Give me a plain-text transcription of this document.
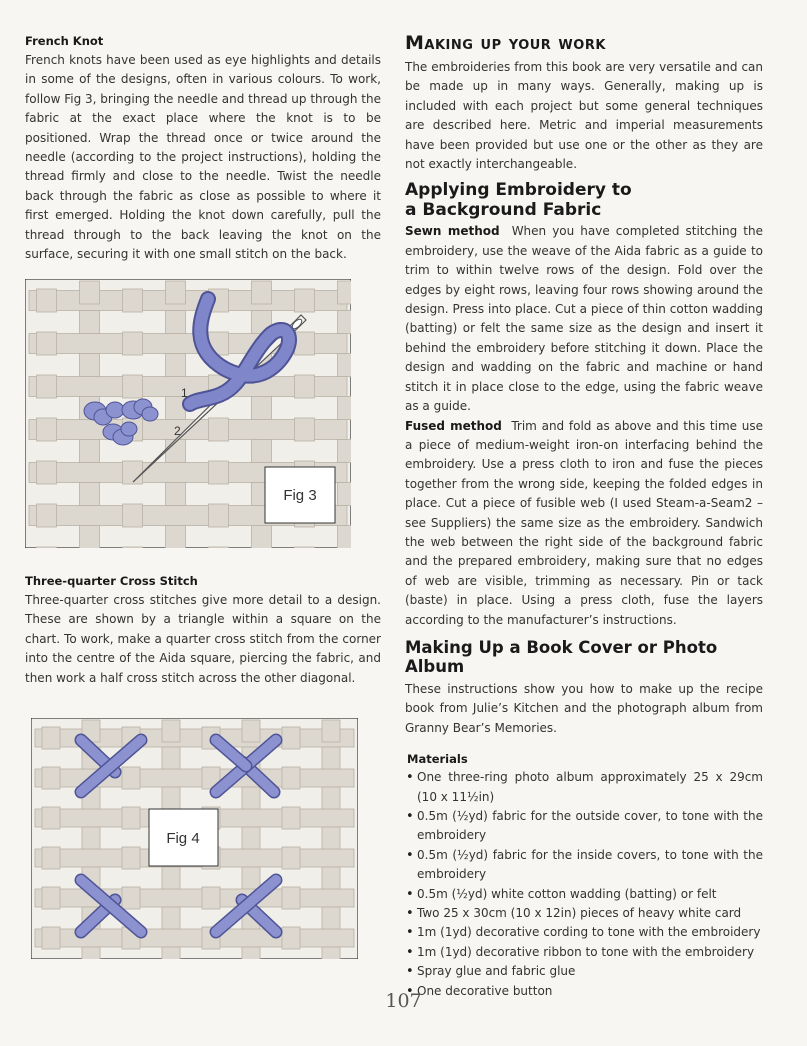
French Knot

French knots have been used as eye highlights and details in some of the designs, often in various colours. To work, follow Fig 3, bringing the needle and thread up through the fabric at the exact place where the knot is to be positioned. Wrap the thread once or twice around the needle (according to the project instructions), holding the thread firmly and close to the needle. Twist the needle back through the fabric as close as possible to where it first emerged. Holding the knot down carefully, pull the thread through to the back leaving the knot on the surface, securing it with one small stitch on the back.

1
2
Fig 3
Three-quarter Cross Stitch

Three-quarter cross stitches give more detail to a design. These are shown by a triangle within a square on the chart. To work, make a quarter cross stitch from the corner into the centre of the Aida square, piercing the fabric, and then work a half cross stitch across the other diagonal.

Fig 4
Making up your work

The embroideries from this book are very versatile and can be made up in many ways. Generally, making up is included with each project but some general techniques are described here. Metric and imperial measurements have been provided but use one or the other as they are not exactly interchangeable.

Applying Embroidery to a Background Fabric

Sewn method When you have completed stitching the embroidery, use the weave of the Aida fabric as a guide to trim to within twelve rows of the design. Fold over the edges by eight rows, leaving four rows showing around the design. Press into place. Cut a piece of thin cotton wadding (batting) or felt the same size as the design and insert it behind the embroidery before stitching it down. Place the design and wadding on the fabric and machine or hand stitch it in place close to the edge, using the fabric weave as a guide.

Fused method Trim and fold as above and this time use a piece of medium-weight iron-on interfacing behind the embroidery. Use a press cloth to iron and fuse the pieces together from the wrong side, keeping the folded edges in place. Cut a piece of fusible web (I used Steam-a-Seam2 – see Suppliers) the same size as the embroidery. Sandwich the web between the right side of the background fabric and the prepared embroidery, making sure that no edges of web are visible, trimming as necessary. Pin or tack (baste) in place. Using a press cloth, fuse the layers according to the manufacturer’s instructions.

Making Up a Book Cover or Photo Album

These instructions show you how to make up the recipe book from Julie’s Kitchen and the photograph album from Granny Bear’s Memories.

Materials
• One three-ring photo album approximately 25 x 29cm (10 x 11½in)
• 0.5m (½yd) fabric for the outside cover, to tone with the embroidery
• 0.5m (½yd) fabric for the inside covers, to tone with the embroidery
• 0.5m (½yd) white cotton wadding (batting) or felt
• Two 25 x 30cm (10 x 12in) pieces of heavy white card
• 1m (1yd) decorative cording to tone with the embroidery
• 1m (1yd) decorative ribbon to tone with the embroidery
• Spray glue and fabric glue
• One decorative button
107
